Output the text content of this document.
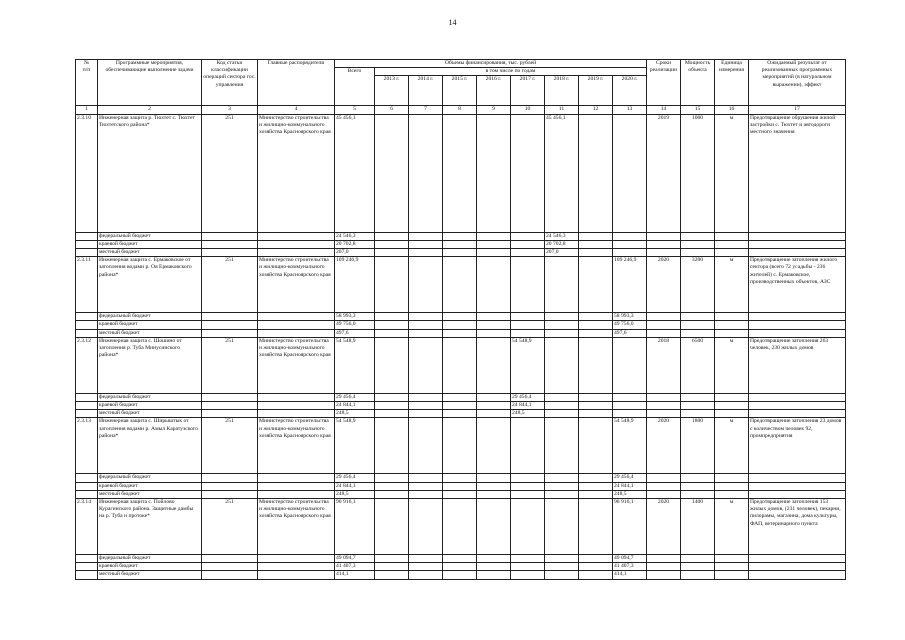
14
№
п/п	Программные мероприятия, обеспечивающие выполнение задачи	Код статьи классификации операций сектора гос. управления	Главные распорядители	Объемы финансирования, тыс. рублей									Сроки реализации	Мощность объекта	Единица измерения	Ожидаемый результат от реализованных программных мероприятий (в натуральном выражении), эффект
				Всего	в том числе по годам											
					2013 г.	2014 г.	2015 г.	2016 г.	2017 г.	2018 г.	2019 г.	2020 г.				
1	2	3	4	5	6	7	8	9	10	11	12	13	14	15	16	17
2.3.10	Инженерная защита р. Тюхтет с. Тюхтет Тюхтетского района*	251	Министерство строительства и жилищно-коммунального хозяйства Красноярского края	45 456,1						45 456,1			2019	1000	м	Предотвращение обрушения жилой застройки с. Тюхтет и автодороги местного значения
	федеральный бюджет			24 546,3						24 546,3						
	краевой бюджет			20 702,8						20 702,8						
	местный бюджет			207,0						207,0						
2.3.11	Инженерная защита с. Ермаковское от затопления водами р. Оя Ермаковского района*	251	Министерство строительства и жилищно-коммунального хозяйства Красноярского края	109 246,9								109 246,9	2020	3200	м	Предотвращение затопления жилого сектора (всего 72 усадьбы - 236 жителей) с. Ермаковское, производственных объектов, АЗС
	федеральный бюджет			58 993,3								58 993,3				
	краевой бюджет			49 756,0								49 756,0				
	местный бюджет			497,6								497,6				
2.3.12	Инженерная защита с. Шошино от затопления р. Туба Минусинского района*	251	Министерство строительства и жилищно-коммунального хозяйства Красноярского края	54 548,9					54 548,9				2018	6500	м	Предотвращение затопления 263 человек, 230 жилых домов
	федеральный бюджет			29 456,4					29 456,4							
	краевой бюджет			24 844,1					24 844,1							
	местный бюджет			248,5					248,5							
2.3.13	Инженерная защита с. Ширыштык от затопления водами р. Амыл Каратузского района*	251	Министерство строительства и жилищно-коммунального хозяйства Красноярского края	54 548,9								54 548,9	2020	1800	м	Предотвращение затопления 23 домов с количеством человек 92, промпредприятия
	федеральный бюджет			29 456,4								29 456,4				
	краевой бюджет			24 844,1								24 844,1				
	местный бюджет			248,5								248,5				
2.3.14	Инженерная защита с. Пойлово Курагинского района. Защитные дамбы на р. Туба и протоке*	251	Министерство строительства и жилищно-коммунального хозяйства Красноярского края	90 916,1								90 916,1	2020	1400	м	Предотвращение затопления 153 жилых домов, (231 человек), пекарни, пилорамы, магазина, дома культуры, ФАП, ветеринарного пункта
	федеральный бюджет			49 094,7								49 094,7				
	краевой бюджет			41 407,3								41 407,3				
	местный бюджет			414,1								414,1				
